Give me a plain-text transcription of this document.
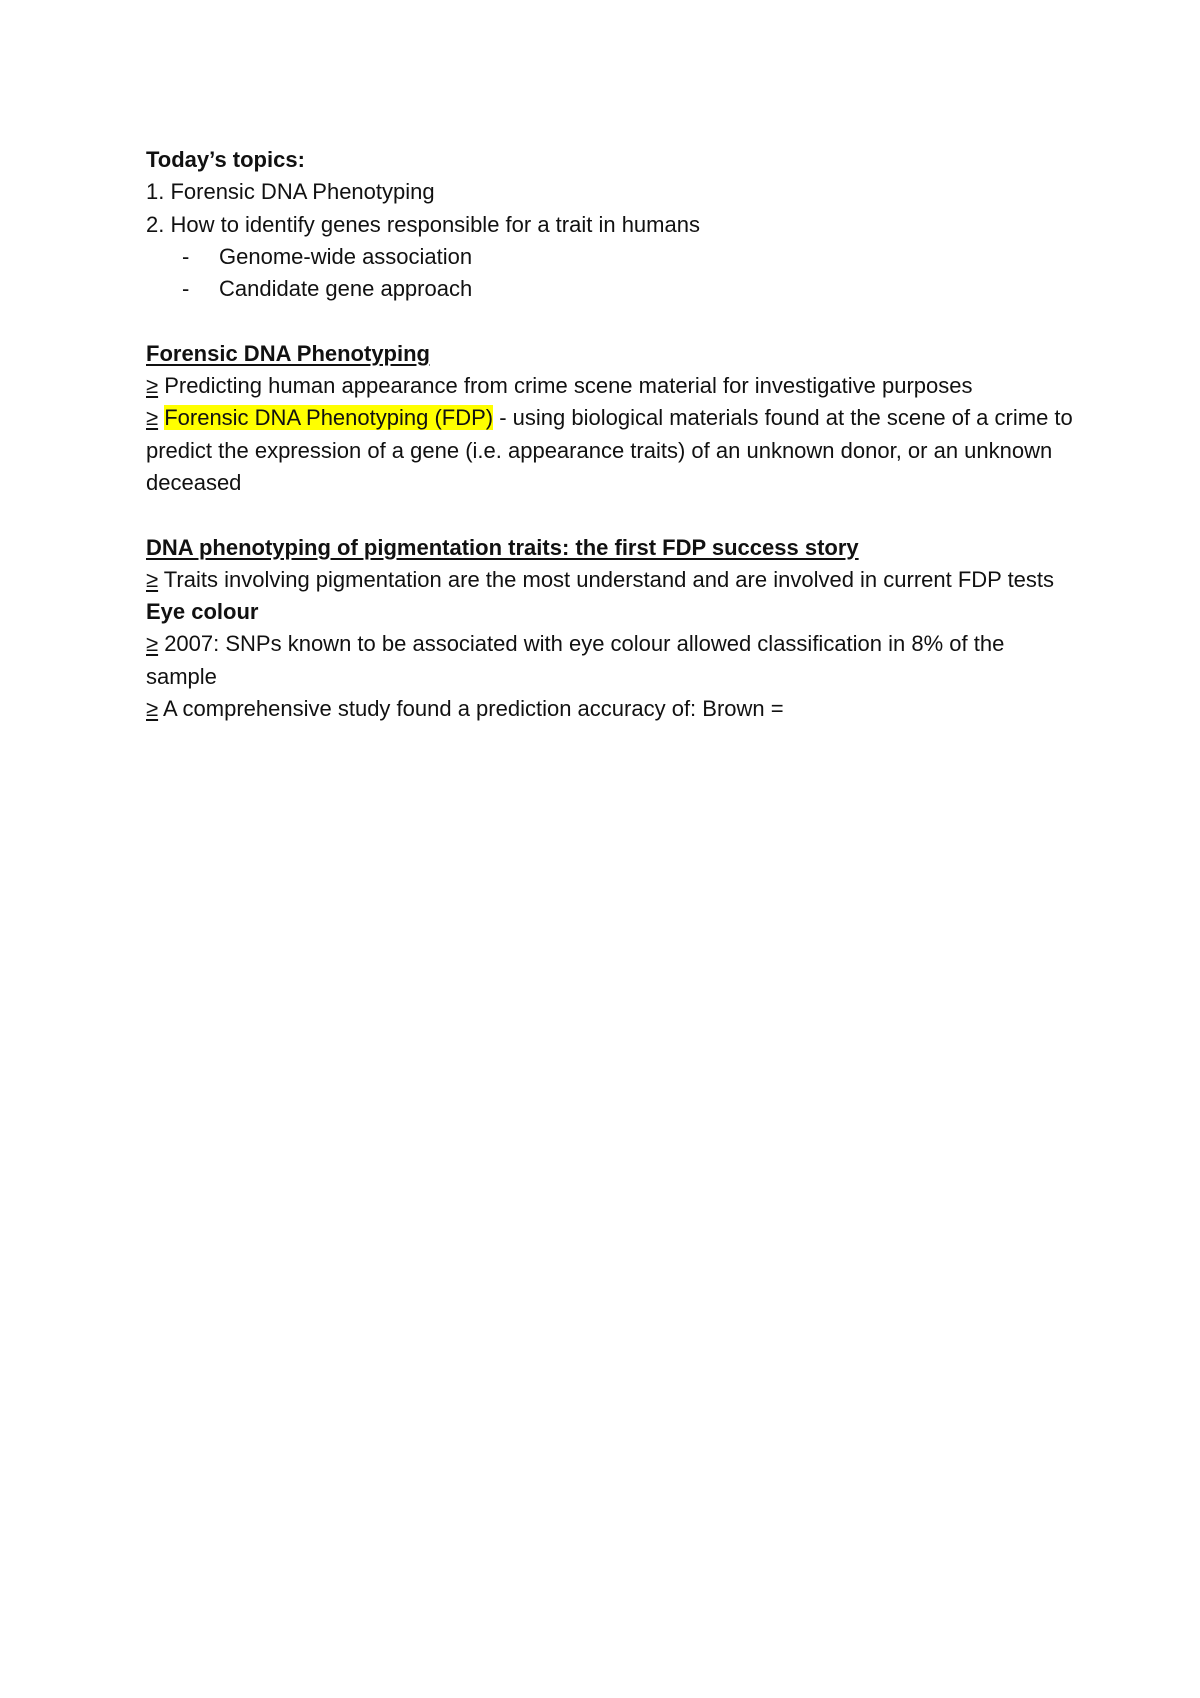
Today’s topics:
1. Forensic DNA Phenotyping
2. How to identify genes responsible for a trait in humans
- Genome-wide association
- Candidate gene approach
Forensic DNA Phenotyping
≥ Predicting human appearance from crime scene material for investigative purposes
≥ Forensic DNA Phenotyping (FDP) - using biological materials found at the scene of a crime to predict the expression of a gene (i.e. appearance traits) of an unknown donor, or an unknown deceased
DNA phenotyping of pigmentation traits: the first FDP success story
≥ Traits involving pigmentation are the most understand and are involved in current FDP tests
Eye colour
≥ 2007: SNPs known to be associated with eye colour allowed classification in 8% of the sample
≥ A comprehensive study found a prediction accuracy of: Brown =
